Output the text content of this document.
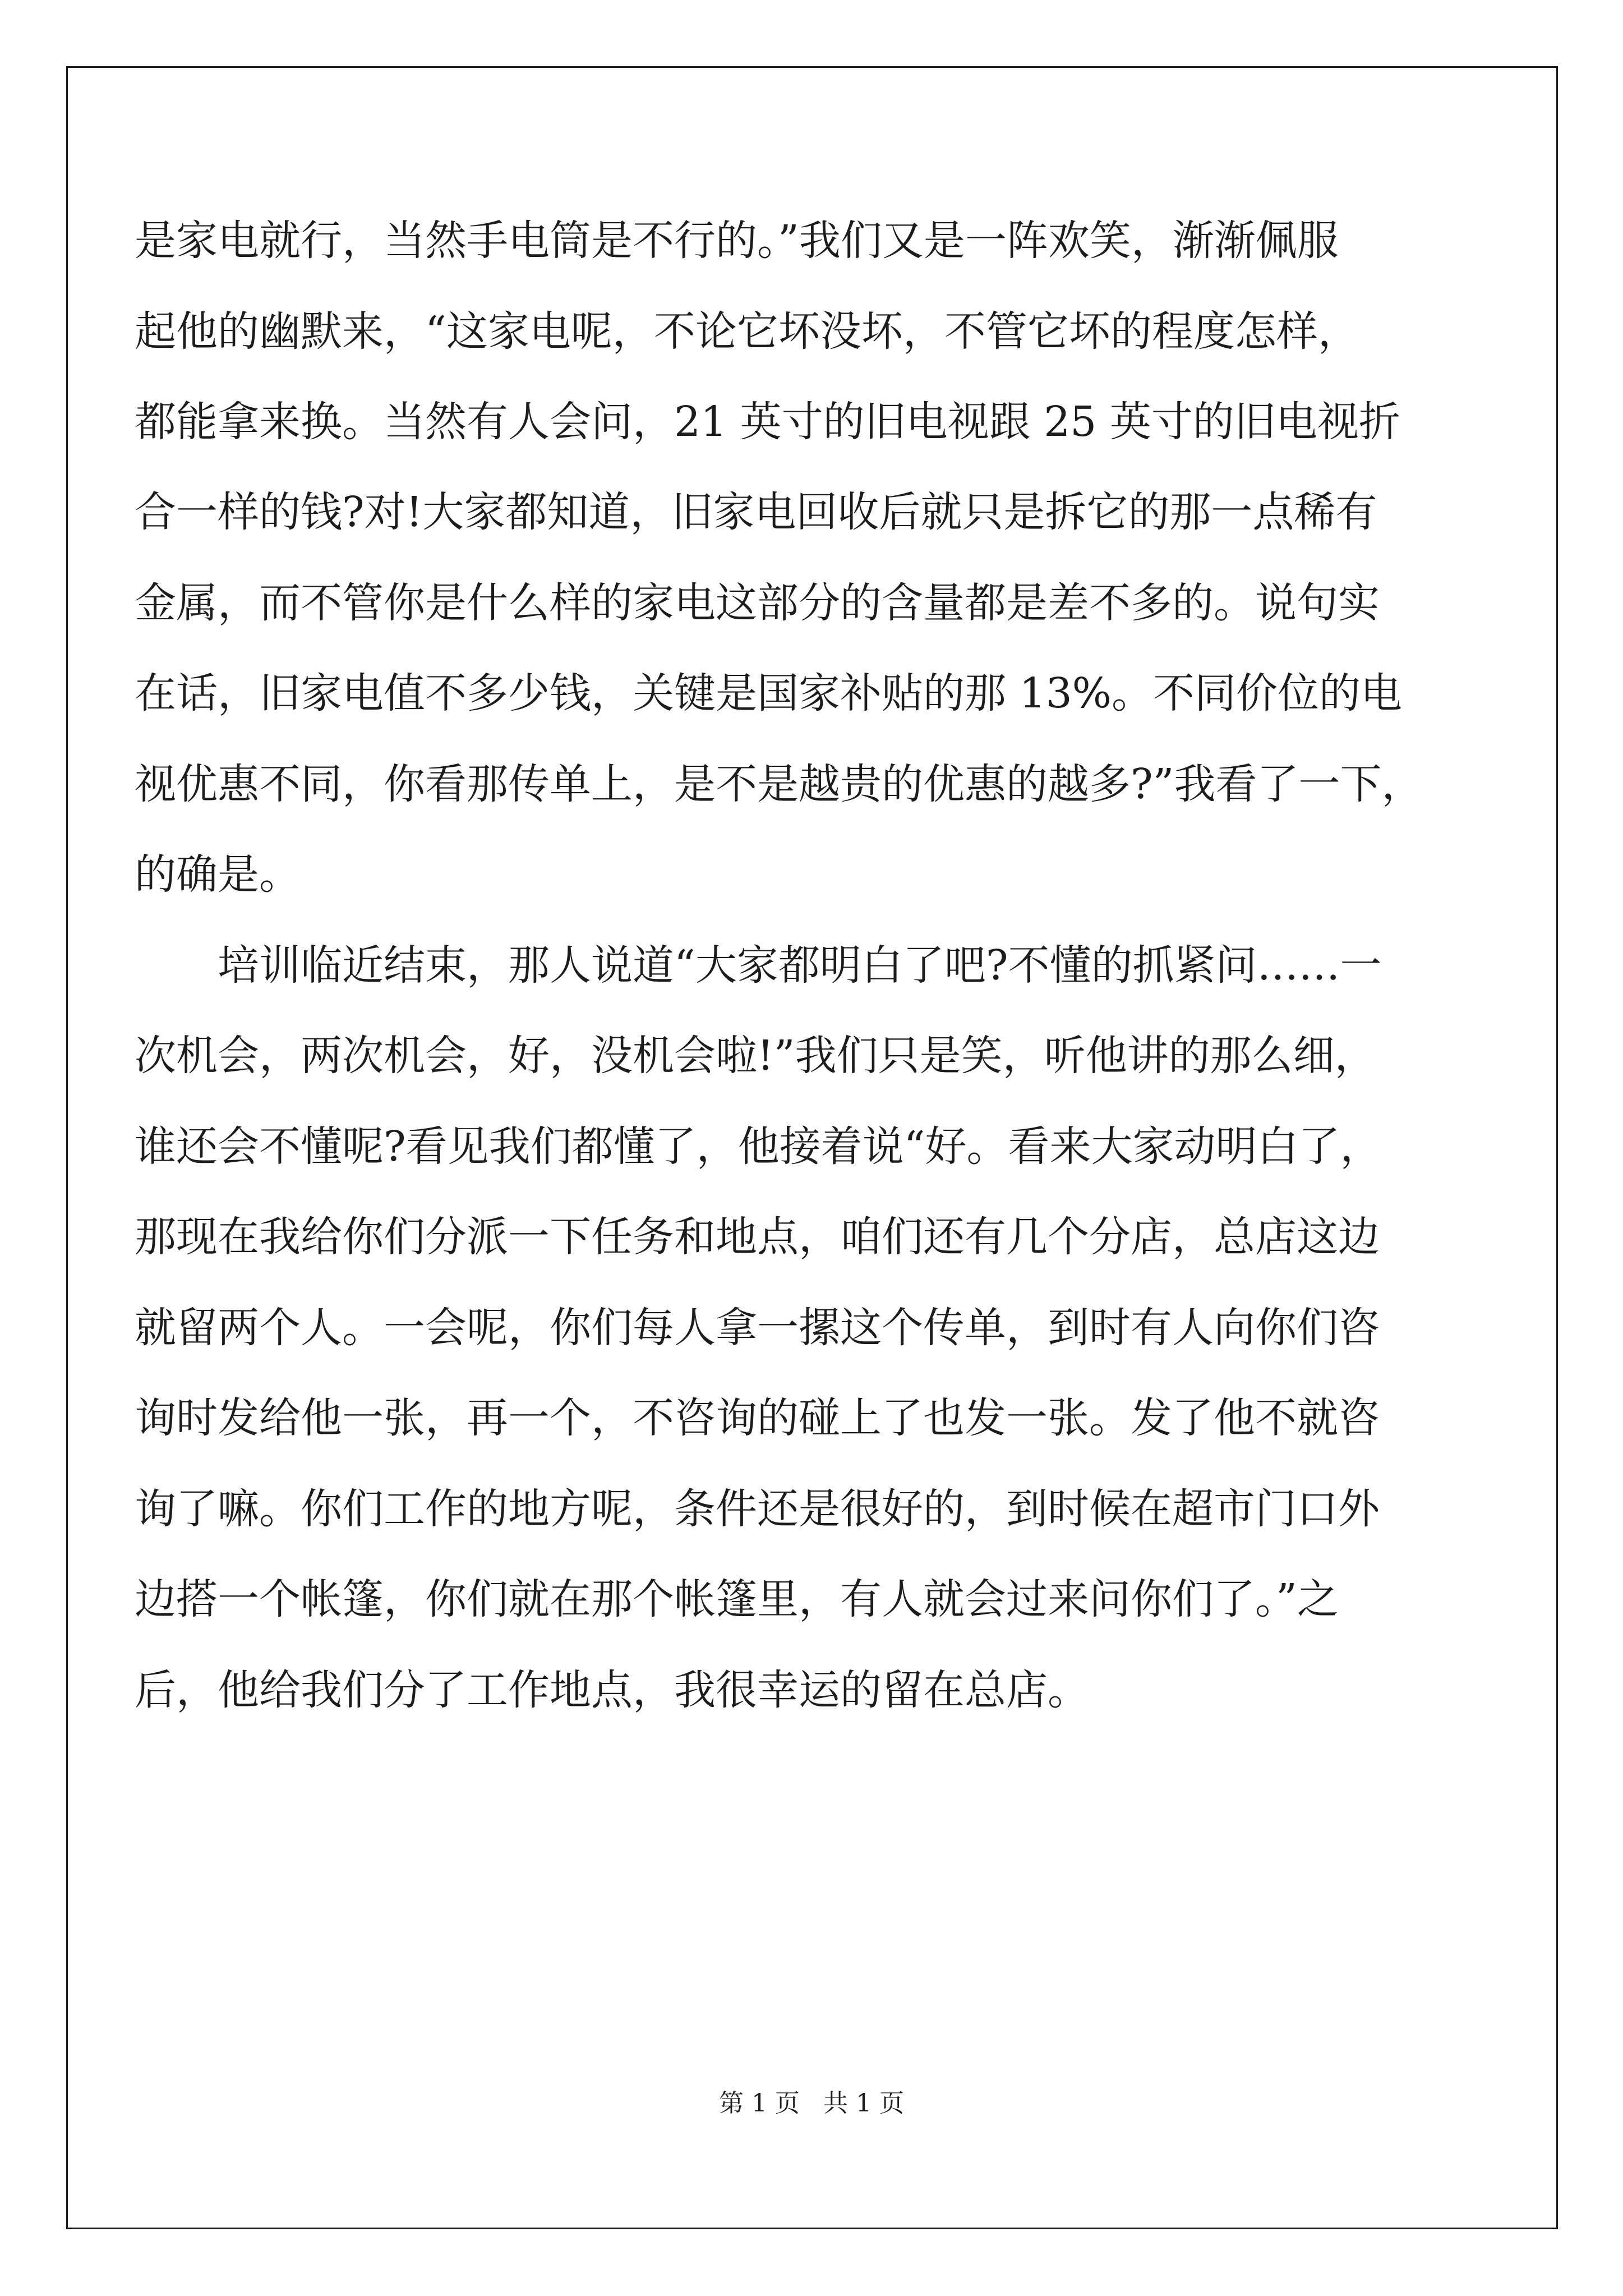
是家电就行，当然手电筒是不行的。”我们又是一阵欢笑，渐渐佩服
起他的幽默来，“这家电呢，不论它坏没坏，不管它坏的程度怎样，
都能拿来换。当然有人会问，21 英寸的旧电视跟 25 英寸的旧电视折
合一样的钱?对!大家都知道，旧家电回收后就只是拆它的那一点稀有
金属，而不管你是什么样的家电这部分的含量都是差不多的。说句实
在话，旧家电值不多少钱，关键是国家补贴的那 13%。不同价位的电
视优惠不同，你看那传单上，是不是越贵的优惠的越多?”我看了一下，
的确是。
　　培训临近结束，那人说道“大家都明白了吧?不懂的抓紧问……一
次机会，两次机会，好，没机会啦!”我们只是笑，听他讲的那么细，
谁还会不懂呢?看见我们都懂了，他接着说“好。看来大家动明白了，
那现在我给你们分派一下任务和地点，咱们还有几个分店，总店这边
就留两个人。一会呢，你们每人拿一摞这个传单，到时有人向你们咨
询时发给他一张，再一个，不咨询的碰上了也发一张。发了他不就咨
询了嘛。你们工作的地方呢，条件还是很好的，到时候在超市门口外
边搭一个帐篷，你们就在那个帐篷里，有人就会过来问你们了。”之
后，他给我们分了工作地点，我很幸运的留在总店。
第 1 页 共 1 页
